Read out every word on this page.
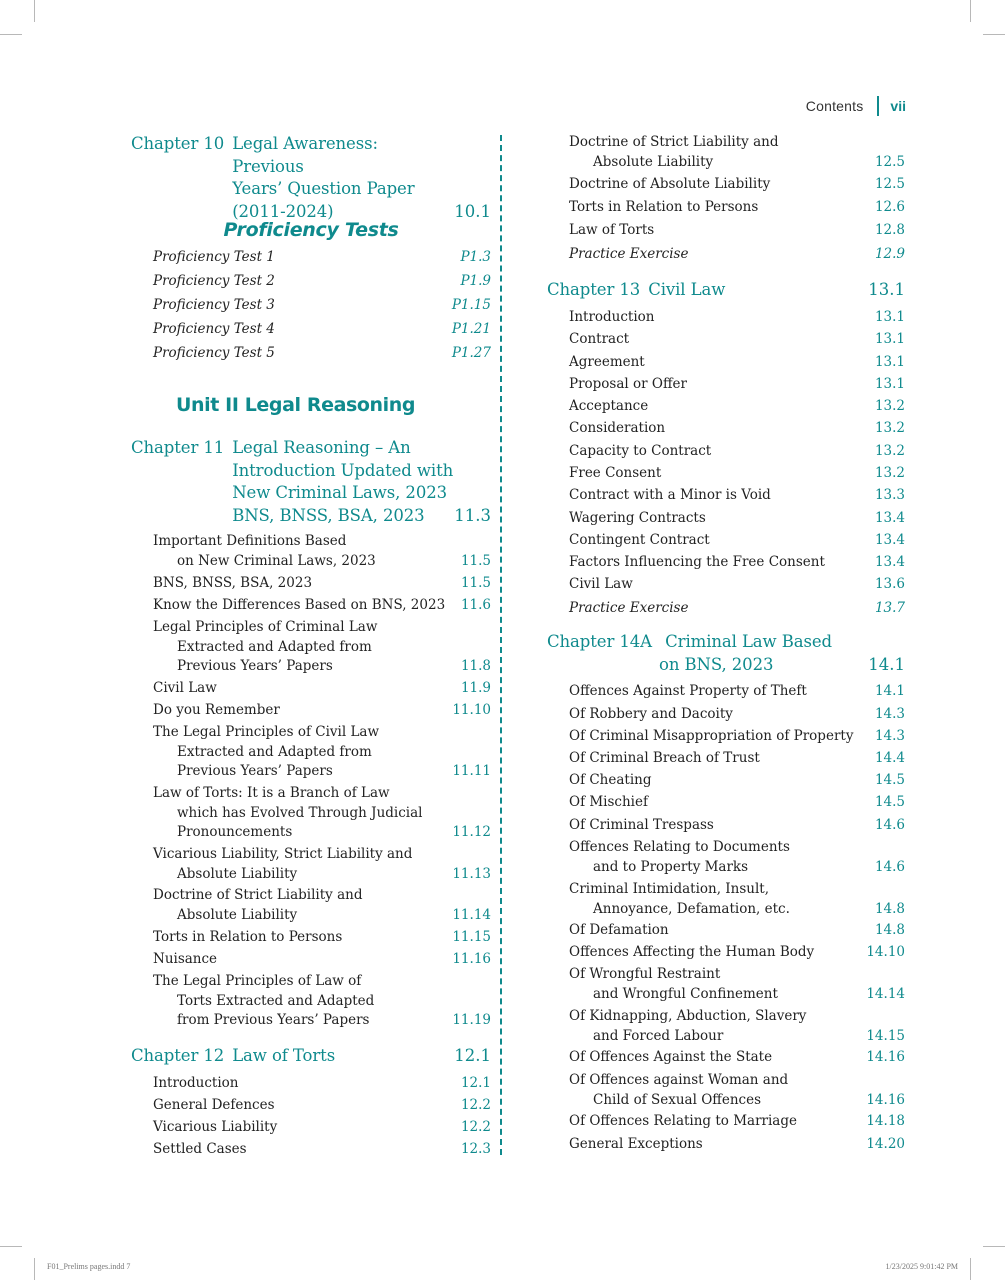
Contents vii
Chapter 10 Legal Awareness: Previous
Years’ Question Paper
(2011-2024)	10.1
Proficiency Tests
Proficiency Test 1	P1.3
Proficiency Test 2	P1.9
Proficiency Test 3	P1.15
Proficiency Test 4	P1.21
Proficiency Test 5	P1.27
Unit II Legal Reasoning
Chapter 11 Legal Reasoning – An
Introduction Updated with
New Criminal Laws, 2023
BNS, BNSS, BSA, 2023	11.3
Important Definitions Based
on New Criminal Laws, 2023	11.5
BNS, BNSS, BSA, 2023	11.5
Know the Differences Based on BNS, 2023 11.6
Legal Principles of Criminal Law
Extracted and Adapted from
Previous Years’ Papers	11.8
Civil Law	11.9
Do you Remember	11.10
The Legal Principles of Civil Law
Extracted and Adapted from
Previous Years’ Papers	11.11
Law of Torts: It is a Branch of Law
which has Evolved Through Judicial
Pronouncements	11.12
Vicarious Liability, Strict Liability and
Absolute Liability	11.13
Doctrine of Strict Liability and
Absolute Liability	11.14
Torts in Relation to Persons	11.15
Nuisance	11.16
The Legal Principles of Law of
Torts Extracted and Adapted
from Previous Years’ Papers	11.19
Chapter 12 Law of Torts	12.1
Introduction	12.1
General Defences	12.2
Vicarious Liability	12.2
Settled Cases	12.3
Doctrine of Strict Liability and
Absolute Liability	12.5
Doctrine of Absolute Liability	12.5
Torts in Relation to Persons	12.6
Law of Torts	12.8
Practice Exercise	12.9
Chapter 13 Civil Law	13.1
Introduction	13.1
Contract	13.1
Agreement	13.1
Proposal or Offer	13.1
Acceptance	13.2
Consideration	13.2
Capacity to Contract	13.2
Free Consent	13.2
Contract with a Minor is Void	13.3
Wagering Contracts	13.4
Contingent Contract	13.4
Factors Influencing the Free Consent	13.4
Civil Law	13.6
Practice Exercise	13.7
Chapter 14A Criminal Law Based
on BNS, 2023	14.1
Offences Against Property of Theft	14.1
Of Robbery and Dacoity	14.3
Of Criminal Misappropriation of Property 14.3
Of Criminal Breach of Trust	14.4
Of Cheating	14.5
Of Mischief	14.5
Of Criminal Trespass	14.6
Offences Relating to Documents
and to Property Marks	14.6
Criminal Intimidation, Insult,
Annoyance, Defamation, etc.	14.8
Of Defamation	14.8
Offences Affecting the Human Body	14.10
Of Wrongful Restraint
and Wrongful Confinement	14.14
Of Kidnapping, Abduction, Slavery
and Forced Labour	14.15
Of Offences Against the State	14.16
Of Offences against Woman and
Child of Sexual Offences	14.16
Of Offences Relating to Marriage	14.18
General Exceptions	14.20
F01_Prelims pages.indd 7	1/23/2025 9:01:42 PM
